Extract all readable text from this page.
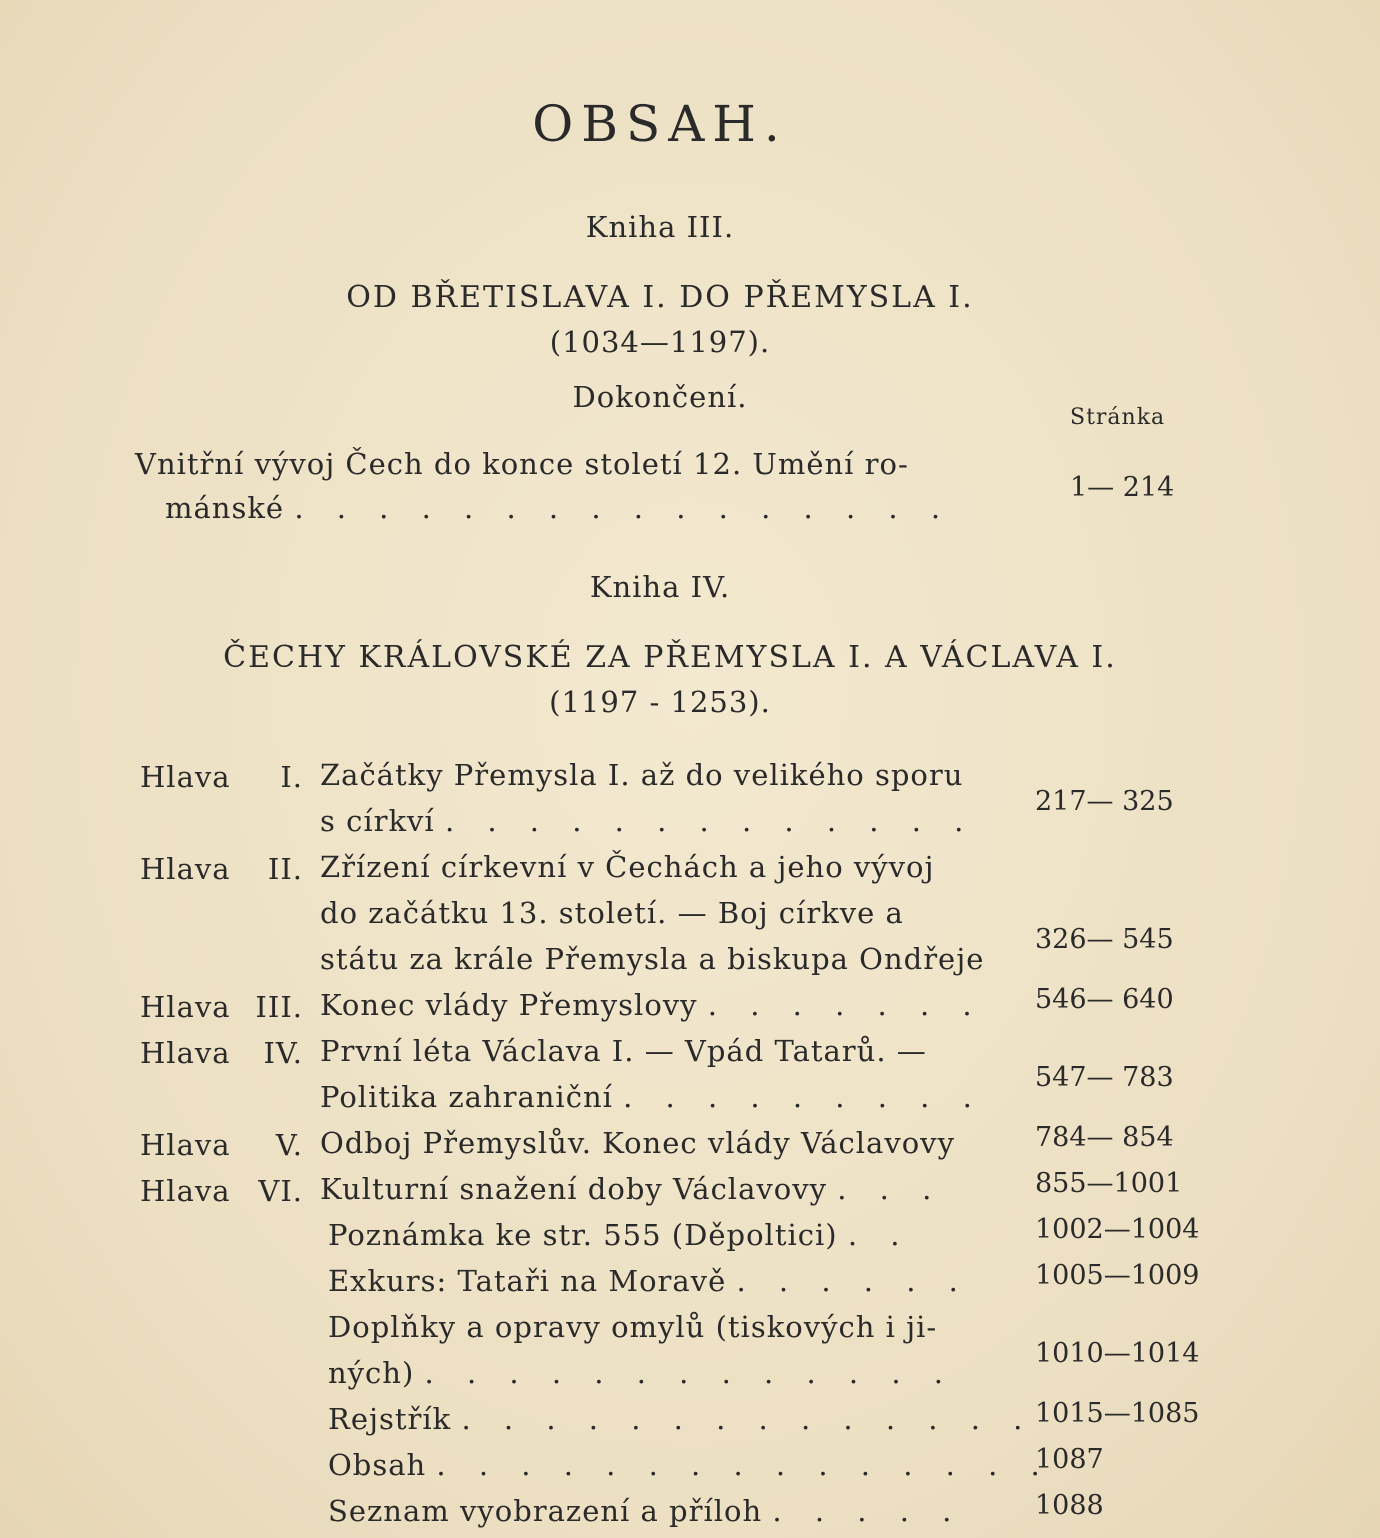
OBSAH.
Kniha III.
OD BŘETISLAVA I. DO PŘEMYSLA I.
(1034—1197).
Dokončení.
Stránka
Vnitřní vývoj Čech do konce století 12. Umění ro-
mánské . . . . . . . . . . . . . . . .
1— 214
Kniha IV.
ČECHY KRÁLOVSKÉ ZA PŘEMYSLA I. A VÁCLAVA I.
(1197 - 1253).
Hlava	I. Začátky Přemysla I. až do velikého sporu
s církví . . . . . . . . . . . . .
217— 325
Hlava	II. Zřízení církevní v Čechách a jeho vývoj
do začátku 13. století. — Boj církve a
státu za krále Přemysla a biskupa Ondřeje
326— 545
Hlava III. Konec vlády Přemyslovy . . . . . . . 546— 640
Hlava	IV. První léta Václava I. — Vpád Tatarů. —
Politika zahraniční . . . . . . . . .
547— 783
Hlava	V. Odboj Přemyslův. Konec vlády Václavovy	784— 854
Hlava VI. Kulturní snažení doby Václavovy . . .	855—1001
Poznámka ke str. 555 (Děpoltici) . .	1002—1004
Exkurs: Tataři na Moravě . . . . . . 1005—1009
Doplňky a opravy omylů (tiskových i ji-
ných) . . . . . . . . . . . . .
1010—1014
Rejstřík . . . . . . . . . . . . . . 1015—1085
Obsah . . . . . . . . . . . . . . .
1087
Seznam vyobrazení a příloh . . . . .	1088
